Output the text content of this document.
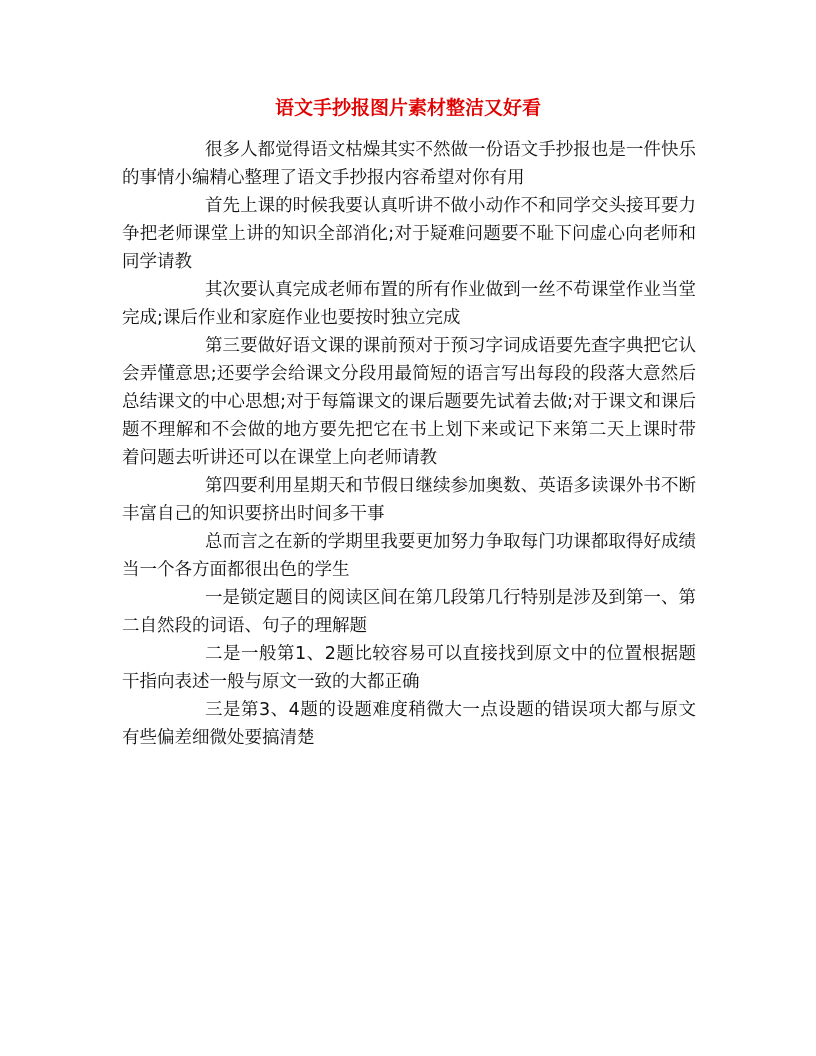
语文手抄报图片素材整洁又好看

很多人都觉得语文枯燥其实不然做一份语文手抄报也是一件快乐的事情小编精心整理了语文手抄报内容希望对你有用

首先上课的时候我要认真听讲不做小动作不和同学交头接耳要力争把老师课堂上讲的知识全部消化;对于疑难问题要不耻下问虚心向老师和同学请教

其次要认真完成老师布置的所有作业做到一丝不苟课堂作业当堂完成;课后作业和家庭作业也要按时独立完成

第三要做好语文课的课前预对于预习字词成语要先查字典把它认会弄懂意思;还要学会给课文分段用最简短的语言写出每段的段落大意然后总结课文的中心思想;对于每篇课文的课后题要先试着去做;对于课文和课后题不理解和不会做的地方要先把它在书上划下来或记下来第二天上课时带着问题去听讲还可以在课堂上向老师请教

第四要利用星期天和节假日继续参加奥数、英语多读课外书不断丰富自己的知识要挤出时间多干事

总而言之在新的学期里我要更加努力争取每门功课都取得好成绩当一个各方面都很出色的学生

一是锁定题目的阅读区间在第几段第几行特别是涉及到第一、第二自然段的词语、句子的理解题

二是一般第1、2题比较容易可以直接找到原文中的位置根据题干指向表述一般与原文一致的大都正确

三是第3、4题的设题难度稍微大一点设题的错误项大都与原文有些偏差细微处要搞清楚
